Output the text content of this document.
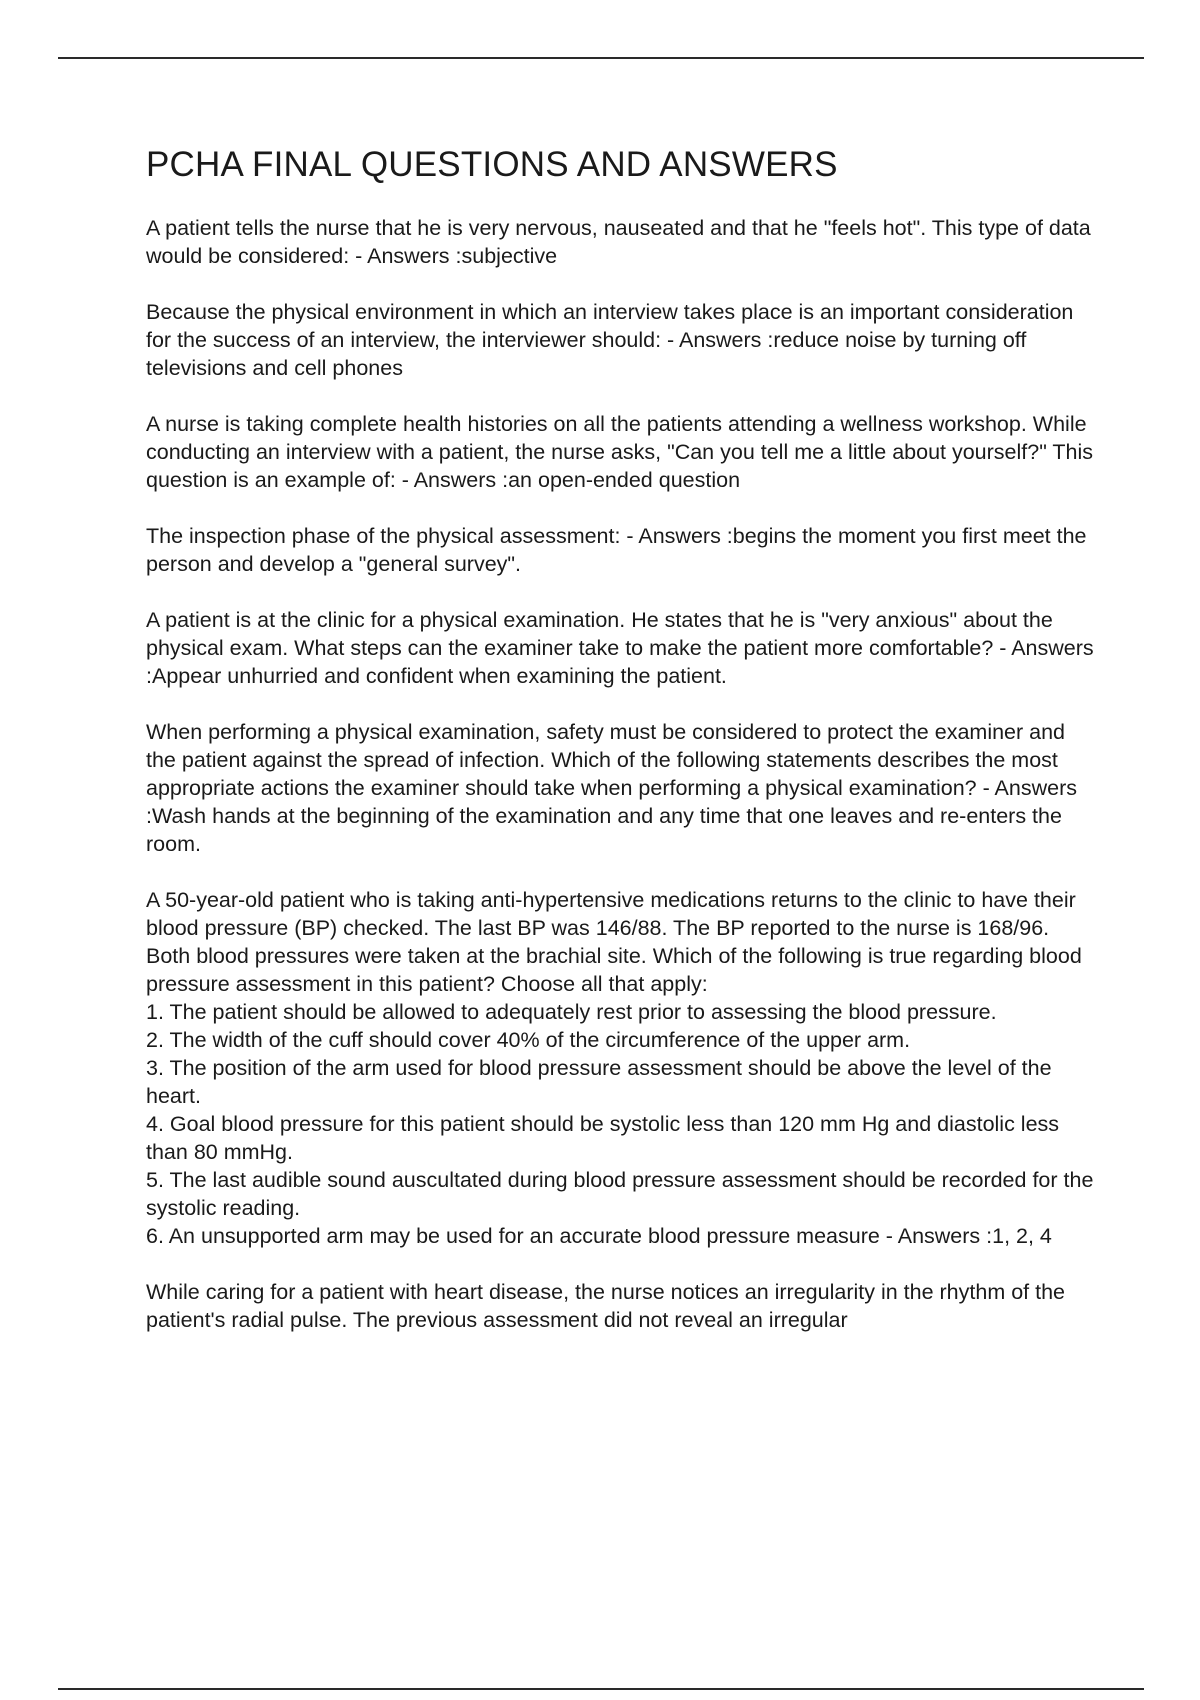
PCHA FINAL QUESTIONS AND ANSWERS

A patient tells the nurse that he is very nervous, nauseated and that he "feels hot". This type of data would be considered: - Answers :subjective

Because the physical environment in which an interview takes place is an important consideration for the success of an interview, the interviewer should: - Answers :reduce noise by turning off televisions and cell phones

A nurse is taking complete health histories on all the patients attending a wellness workshop. While conducting an interview with a patient, the nurse asks, "Can you tell me a little about yourself?" This question is an example of: - Answers :an open-ended question

The inspection phase of the physical assessment: - Answers :begins the moment you first meet the person and develop a "general survey".

A patient is at the clinic for a physical examination. He states that he is "very anxious" about the physical exam. What steps can the examiner take to make the patient more comfortable? - Answers :Appear unhurried and confident when examining the patient.

When performing a physical examination, safety must be considered to protect the examiner and the patient against the spread of infection. Which of the following statements describes the most appropriate actions the examiner should take when performing a physical examination? - Answers :Wash hands at the beginning of the examination and any time that one leaves and re-enters the room.

A 50-year-old patient who is taking anti-hypertensive medications returns to the clinic to have their blood pressure (BP) checked. The last BP was 146/88. The BP reported to the nurse is 168/96. Both blood pressures were taken at the brachial site. Which of the following is true regarding blood pressure assessment in this patient? Choose all that apply:
1. The patient should be allowed to adequately rest prior to assessing the blood pressure.
2. The width of the cuff should cover 40% of the circumference of the upper arm.
3. The position of the arm used for blood pressure assessment should be above the level of the heart.
4. Goal blood pressure for this patient should be systolic less than 120 mm Hg and diastolic less than 80 mmHg.
5. The last audible sound auscultated during blood pressure assessment should be recorded for the systolic reading.
6. An unsupported arm may be used for an accurate blood pressure measure - Answers :1, 2, 4

While caring for a patient with heart disease, the nurse notices an irregularity in the rhythm of the patient's radial pulse. The previous assessment did not reveal an irregular
